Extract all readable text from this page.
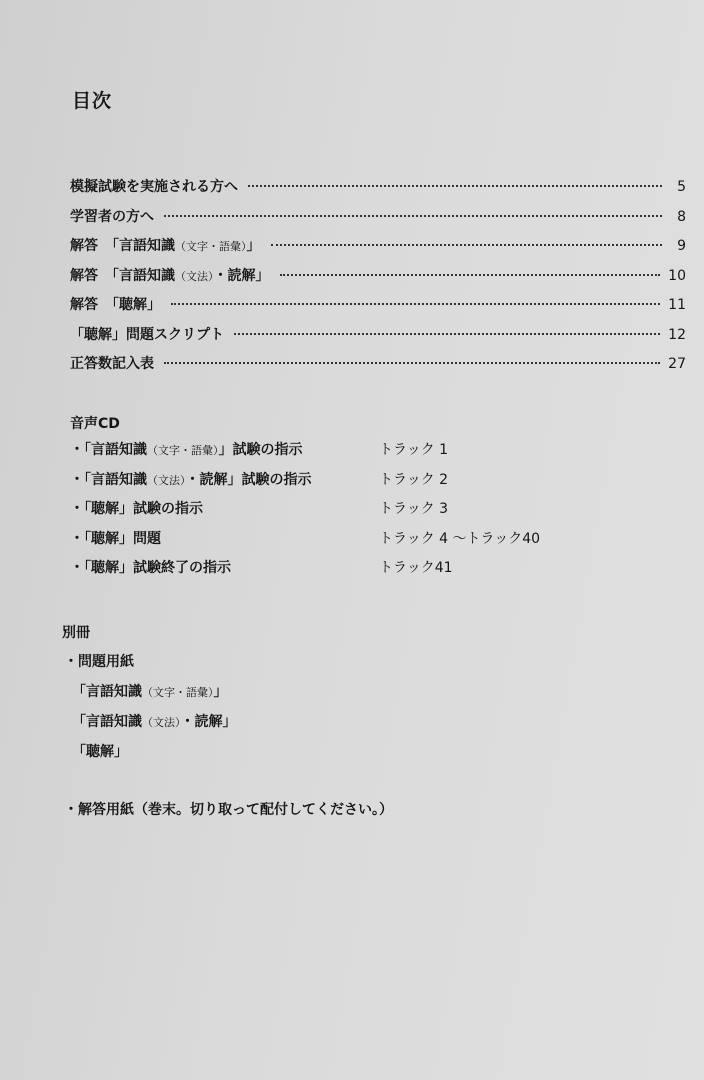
目次
模擬試験を実施される方へ	5
学習者の方へ	8
解答　「言語知識（文字・語彙）」	9
解答　「言語知識（文法）・読解」	10
解答　「聴解」	11
「聴解」問題スクリプト	12
正答数記入表	27
音声CD
・「言語知識（文字・語彙）」試験の指示	トラック 1
・「言語知識（文法）・読解」試験の指示	トラック 2
・「聴解」試験の指示	トラック 3
・「聴解」問題	トラック 4 ～トラック40
・「聴解」試験終了の指示	トラック41
別冊
・問題用紙
「言語知識（文字・語彙）」
「言語知識（文法）・読解」
「聴解」
・解答用紙（巻末。切り取って配付してください。）
